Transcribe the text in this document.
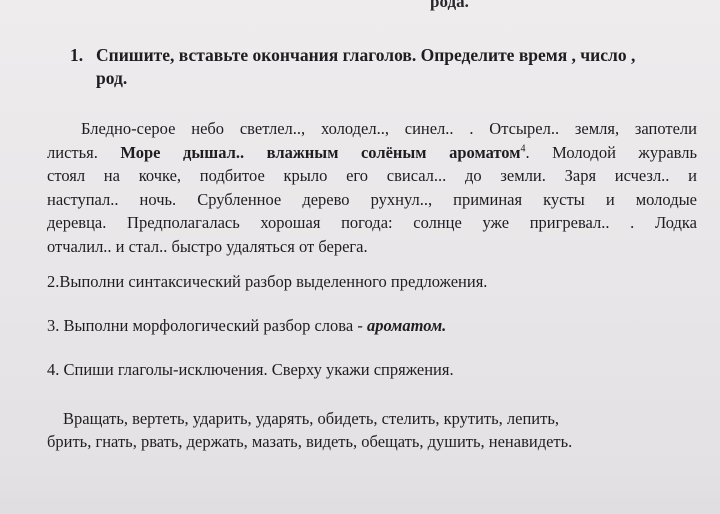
рода.
1. Спишите, вставьте окончания глаголов. Определите время , число ,
род.
Бледно-серое небо светлел.., холодел.., синел.. . Отсырел.. земля, запотели
листья. Море дышал.. влажным солёным ароматом$^4$. Молодой журавль
стоял на кочке, подбитое крыло его свисал... до земли. Заря исчезл.. и
наступал.. ночь. Срубленное дерево рухнул.., приминая кусты и молодые
деревца. Предполагалась хорошая погода: солнце уже пригревал.. . Лодка
отчалил.. и стал.. быстро удаляться от берега.
2.Выполни синтаксический разбор выделенного предложения.
3. Выполни морфологический разбор слова - ароматом.
4. Спиши глаголы-исключения. Сверху укажи спряжения.
Вращать, вертеть, ударить, ударять, обидеть, стелить, крутить, лепить,
брить, гнать, рвать, держать, мазать, видеть, обещать, душить, ненавидеть.
